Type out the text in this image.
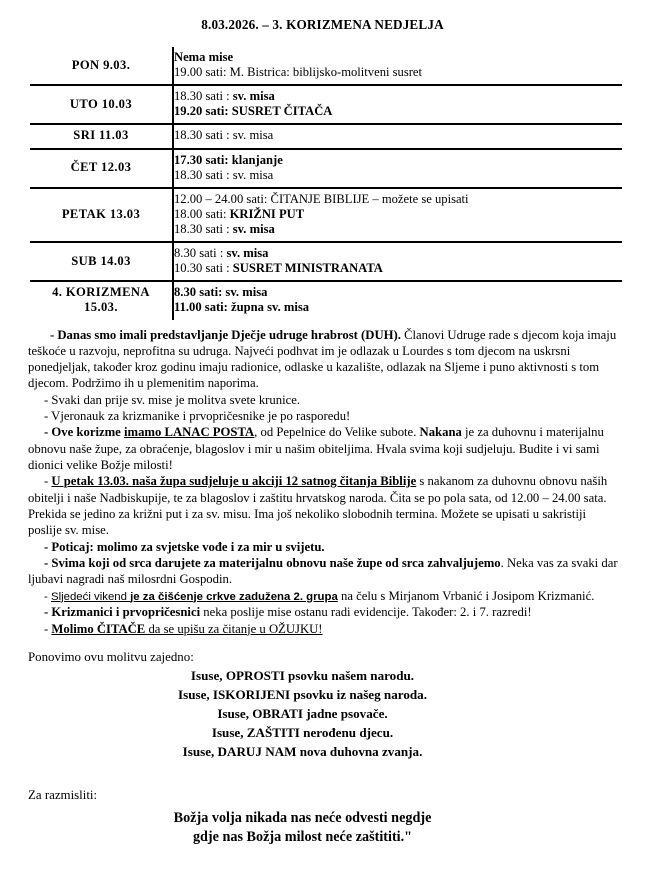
8.03.2026. – 3. KORIZMENA NEDJELJA
PON 9.03.	Nema mise
19.00 sati: M. Bistrica: biblijsko-molitveni susret

UTO 10.03	18.30 sati : sv. misa
19.20 sati: SUSRET ČITAČA

SRI 11.03	18.30 sati : sv. misa

ČET 12.03	17.30 sati: klanjanje
18.30 sati : sv. misa

PETAK 13.03	12.00 – 24.00 sati: ČITANJE BIBLIJE – možete se upisati
18.00 sati: KRIŽNI PUT
18.30 sati : sv. misa

SUB 14.03	8.30 sati : sv. misa
10.30 sati : SUSRET MINISTRANATA

4. KORIZMENA
15.03.	8.30 sati: sv. misa
11.00 sati: župna sv. misa

- Danas smo imali predstavljanje Dječje udruge hrabrost (DUH). Članovi Udruge rade s djecom koja imaju teškoće u razvoju, neprofitna su udruga. Najveći podhvat im je odlazak u Lourdes s tom djecom na uskrsni ponedjeljak, također kroz godinu imaju radionice, odlaske u kazalište, odlazak na Sljeme i puno aktivnosti s tom djecom. Podržimo ih u plemenitim naporima.

- Svaki dan prije sv. mise je molitva svete krunice.

- Vjeronauk za krizmanike i prvopričesnike je po rasporedu!

- Ove korizme imamo LANAC POSTA, od Pepelnice do Velike subote. Nakana je za duhovnu i materijalnu obnovu naše župe, za obraćenje, blagoslov i mir u našim obiteljima. Hvala svima koji sudjeluju. Budite i vi sami dionici velike Božje milosti!

- U petak 13.03. naša župa sudjeluje u akciji 12 satnog čitanja Biblije s nakanom za duhovnu obnovu naših obitelji i naše Nadbiskupije, te za blagoslov i zaštitu hrvatskog naroda. Čita se po pola sata, od 12.00 – 24.00 sata. Prekida se jedino za križni put i za sv. misu. Ima još nekoliko slobodnih termina. Možete se upisati u sakristiji poslije sv. mise.

- Poticaj: molimo za svjetske vođe i za mir u svijetu.

- Svima koji od srca darujete za materijalnu obnovu naše župe od srca zahvaljujemo. Neka vas za svaki dar ljubavi nagradi naš milosrdni Gospodin.

- Sljedeći vikend je za čišćenje crkve zadužena 2. grupa na čelu s Mirjanom Vrbanić i Josipom Krizmanić.

- Krizmanici i prvopričesnici neka poslije mise ostanu radi evidencije. Također: 2. i 7. razredi!

- Molimo ČITAČE da se upišu za čitanje u OŽUJKU!

Ponovimo ovu molitvu zajedno:
Isuse, OPROSTI psovku našem narodu.
Isuse, ISKORIJENI psovku iz našeg naroda.
Isuse, OBRATI jadne psovače.
Isuse, ZAŠTITI nerođenu djecu.
Isuse, DARUJ NAM nova duhovna zvanja.
Za razmisliti:
Božja volja nikada nas neće odvesti negdje
gdje nas Božja milost neće zaštititi."
